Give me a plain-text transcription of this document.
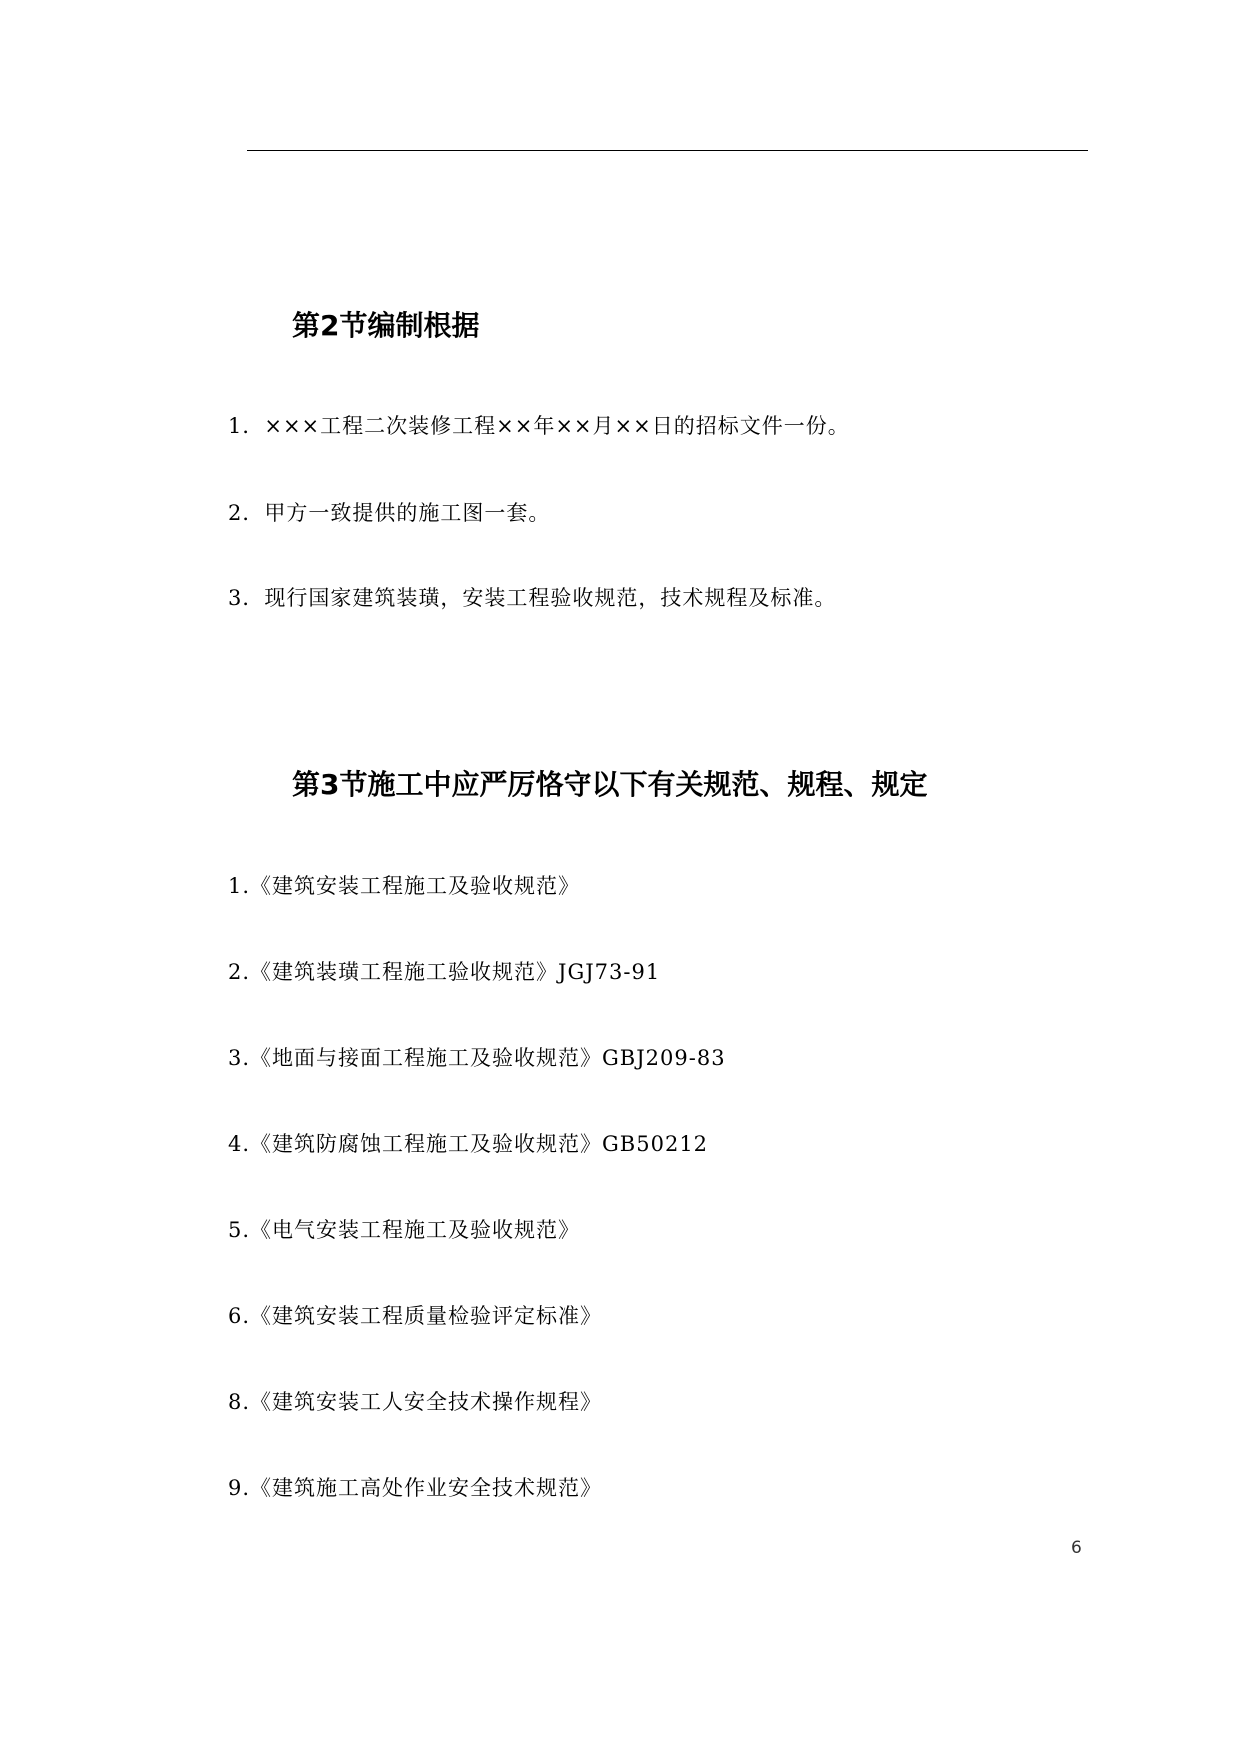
第2节编制根据
1．×××工程二次装修工程××年××月××日的招标文件一份。
2．甲方一致提供的施工图一套。
3．现行国家建筑装璜，安装工程验收规范，技术规程及标准。
第3节施工中应严厉恪守以下有关规范、规程、规定
1.《建筑安装工程施工及验收规范》
2.《建筑装璜工程施工验收规范》JGJ73-91
3.《地面与接面工程施工及验收规范》GBJ209-83
4.《建筑防腐蚀工程施工及验收规范》GB50212
5.《电气安装工程施工及验收规范》
6.《建筑安装工程质量检验评定标准》
8.《建筑安装工人安全技术操作规程》
9.《建筑施工高处作业安全技术规范》
6
